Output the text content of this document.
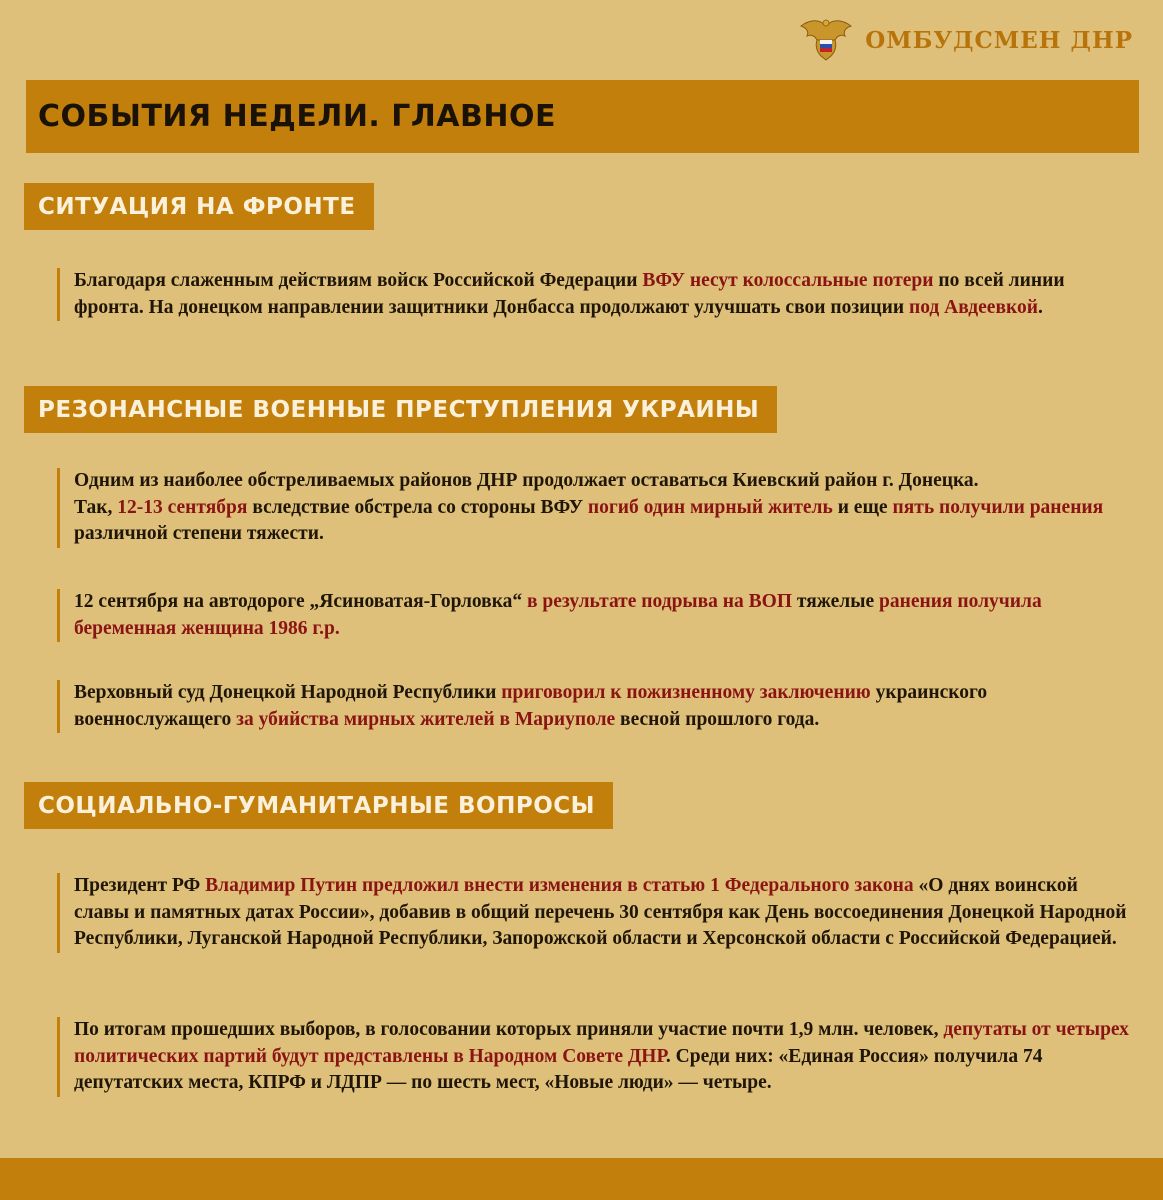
ОМБУДСМЕН ДНР
СОБЫТИЯ НЕДЕЛИ. ГЛАВНОЕ
СИТУАЦИЯ НА ФРОНТЕ
Благодаря слаженным действиям войск Российской Федерации ВФУ несут колоссальные потери по всей линии фронта. На донецком направлении защитники Донбасса продолжают улучшать свои позиции под Авдеевкой.
РЕЗОНАНСНЫЕ ВОЕННЫЕ ПРЕСТУПЛЕНИЯ УКРАИНЫ
Одним из наиболее обстреливаемых районов ДНР продолжает оставаться Киевский район г. Донецка.
Так, 12-13 сентября вследствие обстрела со стороны ВФУ погиб один мирный житель и еще пять получили ранения различной степени тяжести.
12 сентября на автодороге „Ясиноватая-Горловка“ в результате подрыва на ВОП тяжелые ранения получила беременная женщина 1986 г.р.
Верховный суд Донецкой Народной Республики приговорил к пожизненному заключению украинского военнослужащего за убийства мирных жителей в Мариуполе весной прошлого года.
СОЦИАЛЬНО-ГУМАНИТАРНЫЕ ВОПРОСЫ
Президент РФ Владимир Путин предложил внести изменения в статью 1 Федерального закона «О днях воинской славы и памятных датах России», добавив в общий перечень 30 сентября как День воссоединения Донецкой Народной Республики, Луганской Народной Республики, Запорожской области и Херсонской области с Российской Федерацией.
По итогам прошедших выборов, в голосовании которых приняли участие почти 1,9 млн. человек, депутаты от четырех политических партий будут представлены в Народном Совете ДНР. Среди них: «Единая Россия» получила 74 депутатских места, КПРФ и ЛДПР — по шесть мест, «Новые люди» — четыре.
